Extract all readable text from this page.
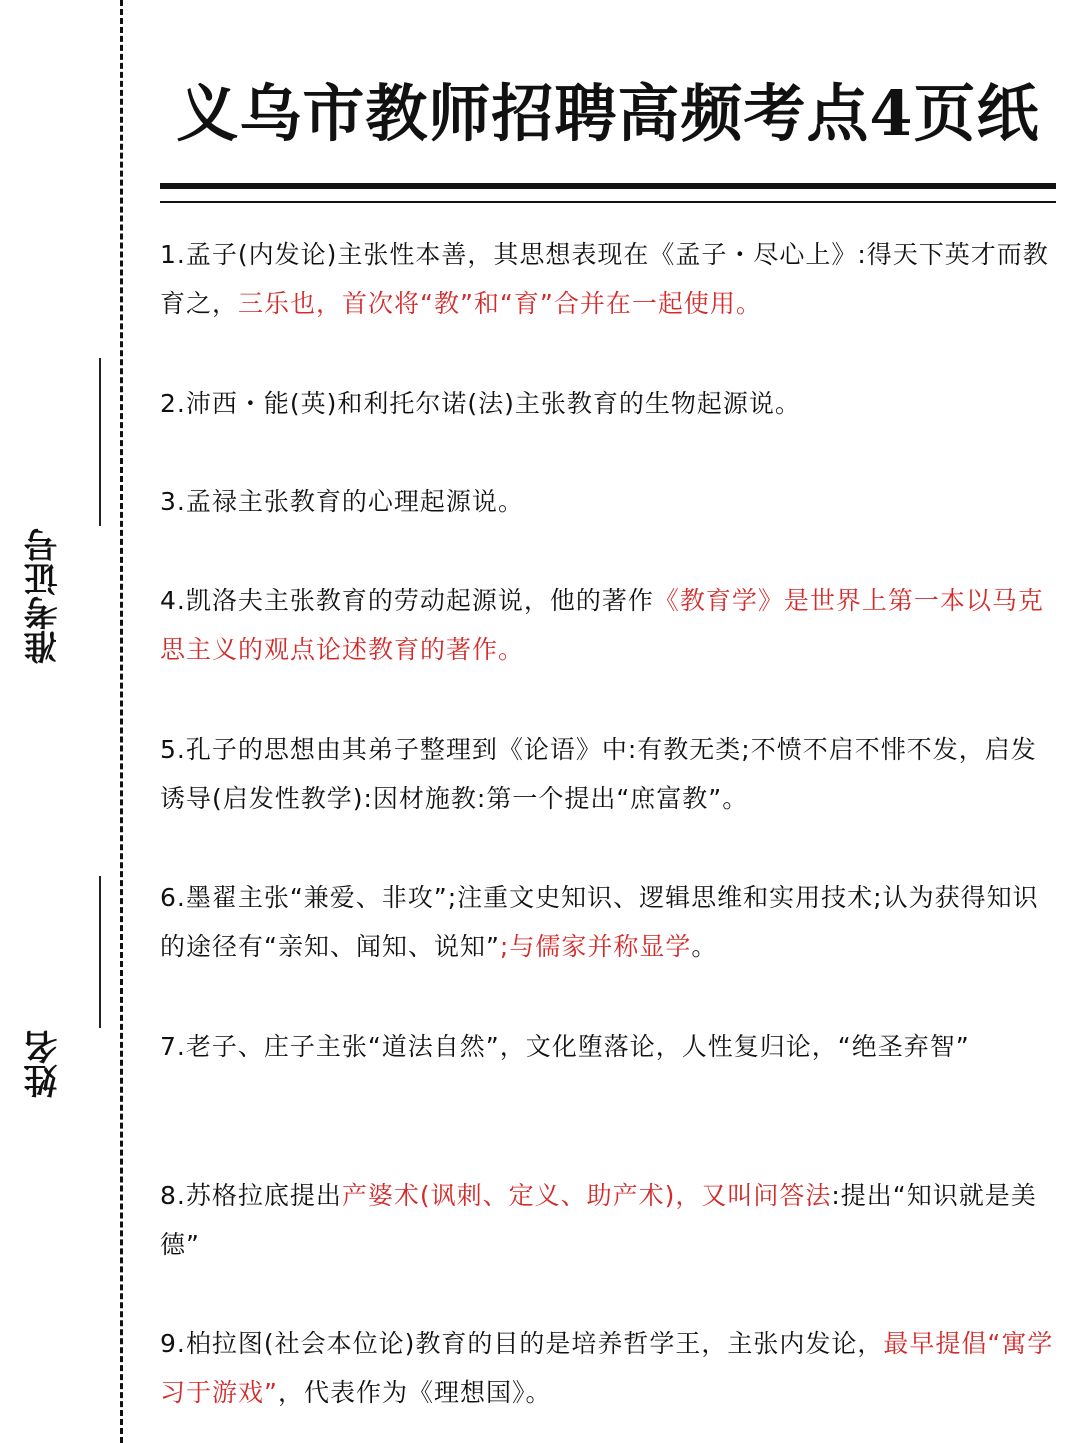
准考证号
姓名
义乌市教师招聘高频考点4页纸

1.孟子(内发论)主张性本善，其思想表现在《孟子・尽心上》:得天下英才而教育之，三乐也，首次将“教”和“育”合并在一起使用。

2.沛西・能(英)和利托尔诺(法)主张教育的生物起源说。

3.孟禄主张教育的心理起源说。

4.凯洛夫主张教育的劳动起源说，他的著作《教育学》是世界上第一本以马克思主义的观点论述教育的著作。

5.孔子的思想由其弟子整理到《论语》中:有教无类;不愤不启不悱不发，启发诱导(启发性教学):因材施教:第一个提出“庶富教”。

6.墨翟主张“兼爱、非攻”;注重文史知识、逻辑思维和实用技术;认为获得知识的途径有“亲知、闻知、说知”;与儒家并称显学。

7.老子、庄子主张“道法自然”，文化堕落论，人性复归论，“绝圣弃智”

8.苏格拉底提出产婆术(讽刺、定义、助产术)，又叫问答法:提出“知识就是美德”

9.柏拉图(社会本位论)教育的目的是培养哲学王，主张内发论，最早提倡“寓学习于游戏”，代表作为《理想国》。
